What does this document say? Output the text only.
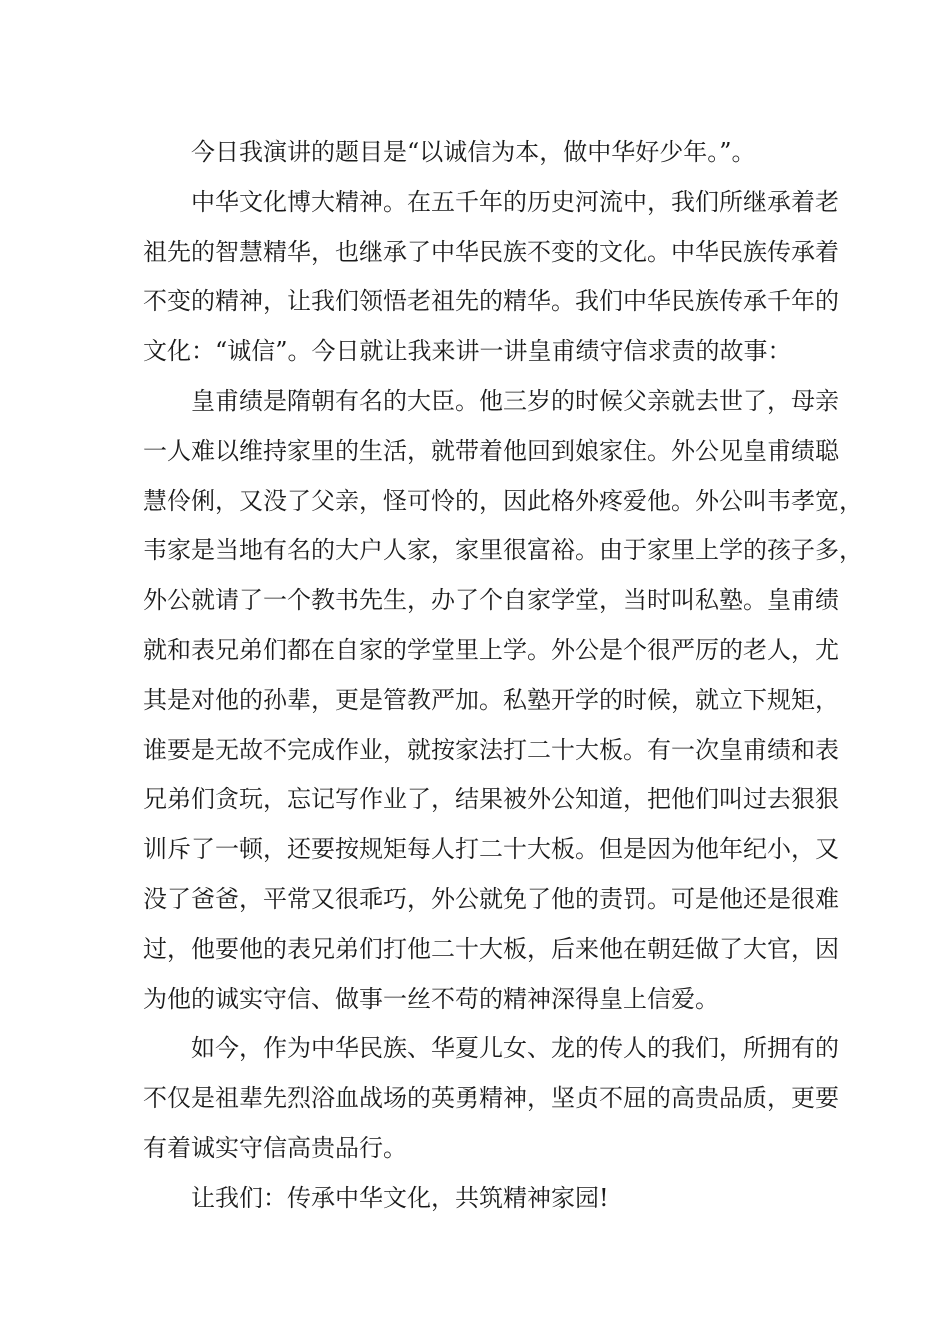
今日我演讲的题目是“以诚信为本，做中华好少年。”。
中华文化博大精神。在五千年的历史河流中，我们所继承着老
祖先的智慧精华，也继承了中华民族不变的文化。中华民族传承着
不变的精神，让我们领悟老祖先的精华。我们中华民族传承千年的
文化：“诚信”。今日就让我来讲一讲皇甫绩守信求责的故事：
皇甫绩是隋朝有名的大臣。他三岁的时候父亲就去世了，母亲
一人难以维持家里的生活，就带着他回到娘家住。外公见皇甫绩聪
慧伶俐，又没了父亲，怪可怜的，因此格外疼爱他。外公叫韦孝宽，
韦家是当地有名的大户人家，家里很富裕。由于家里上学的孩子多，
外公就请了一个教书先生，办了个自家学堂，当时叫私塾。皇甫绩
就和表兄弟们都在自家的学堂里上学。外公是个很严厉的老人，尤
其是对他的孙辈，更是管教严加。私塾开学的时候，就立下规矩，
谁要是无故不完成作业，就按家法打二十大板。有一次皇甫绩和表
兄弟们贪玩，忘记写作业了，结果被外公知道，把他们叫过去狠狠
训斥了一顿，还要按规矩每人打二十大板。但是因为他年纪小，又
没了爸爸，平常又很乖巧，外公就免了他的责罚。可是他还是很难
过，他要他的表兄弟们打他二十大板，后来他在朝廷做了大官，因
为他的诚实守信、做事一丝不苟的精神深得皇上信爱。
如今，作为中华民族、华夏儿女、龙的传人的我们，所拥有的
不仅是祖辈先烈浴血战场的英勇精神，坚贞不屈的高贵品质，更要
有着诚实守信高贵品行。
让我们：传承中华文化，共筑精神家园!
